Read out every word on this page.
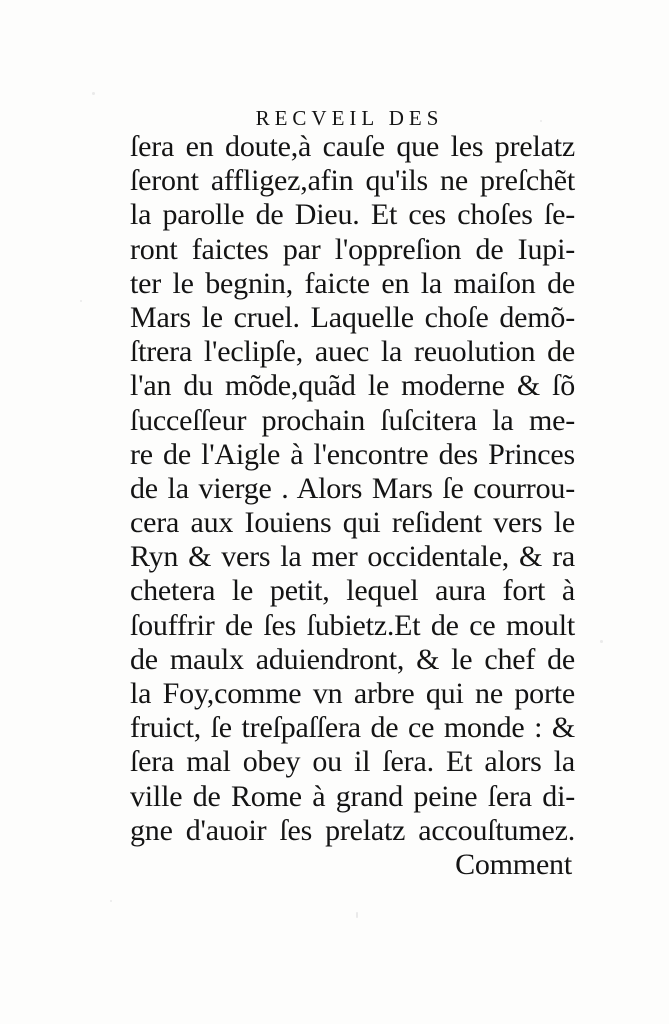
RECVEIL DES
ſera en doute,à cauſe que les prelatz
ſeront affligez,afin qu'ils ne preſchẽt
la parolle de Dieu. Et ces choſes ſe-
ront faictes par l'oppreſion de Iupi-
ter le begnin, faicte en la maiſon de
Mars le cruel. Laquelle choſe demõ-
ſtrera l'eclipſe, auec la reuolution de
l'an du mõde,quãd le moderne & ſõ
ſucceſſeur prochain ſuſcitera la me-
re de l'Aigle à l'encontre des Princes
de la vierge . Alors Mars ſe courrou-
cera aux Iouiens qui reſident vers le
Ryn & vers la mer occidentale, & ra
chetera le petit, lequel aura fort à
ſouffrir de ſes ſubietz.Et de ce moult
de maulx aduiendront, & le chef de
la Foy,comme vn arbre qui ne porte
fruict, ſe treſpaſſera de ce monde : &
ſera mal obey ou il ſera. Et alors la
ville de Rome à grand peine ſera di-
gne d'auoir ſes prelatz accouſtumez.
Comment
